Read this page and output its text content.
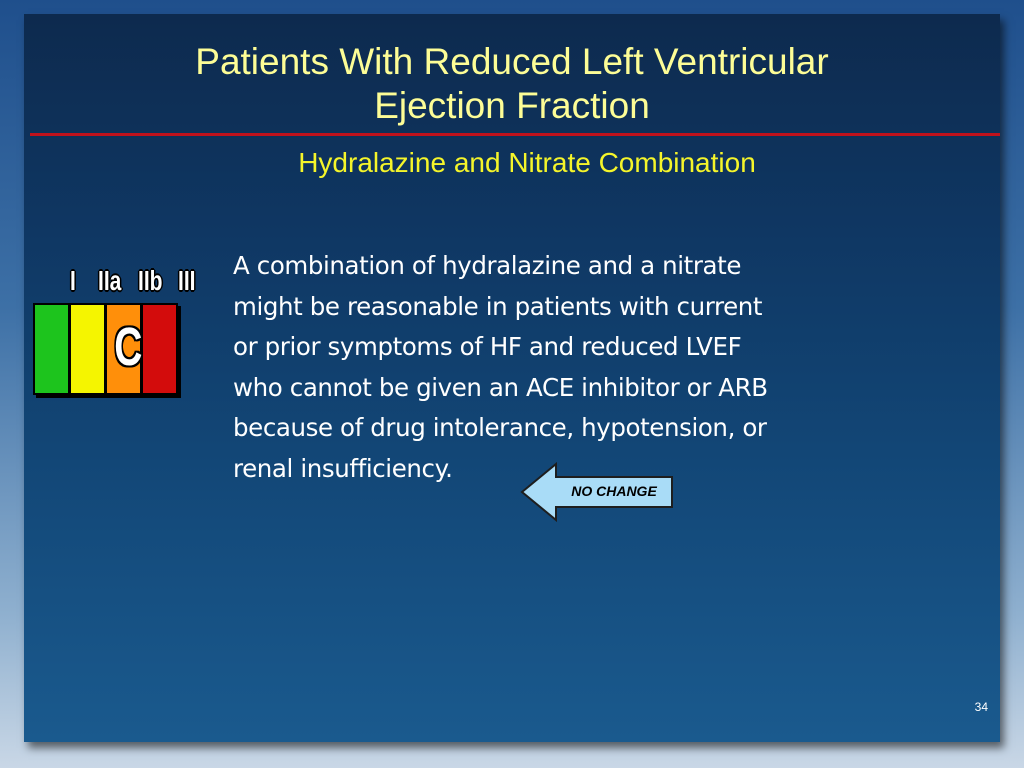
Patients With Reduced Left Ventricular
Ejection Fraction
Hydralazine and Nitrate Combination
I IIa IIb III
C
A combination of hydralazine and a nitrate
might be reasonable in patients with current
or prior symptoms of HF and reduced LVEF
who cannot be given an ACE inhibitor or ARB
because of drug intolerance, hypotension, or
renal insufficiency.
NO CHANGE
34
